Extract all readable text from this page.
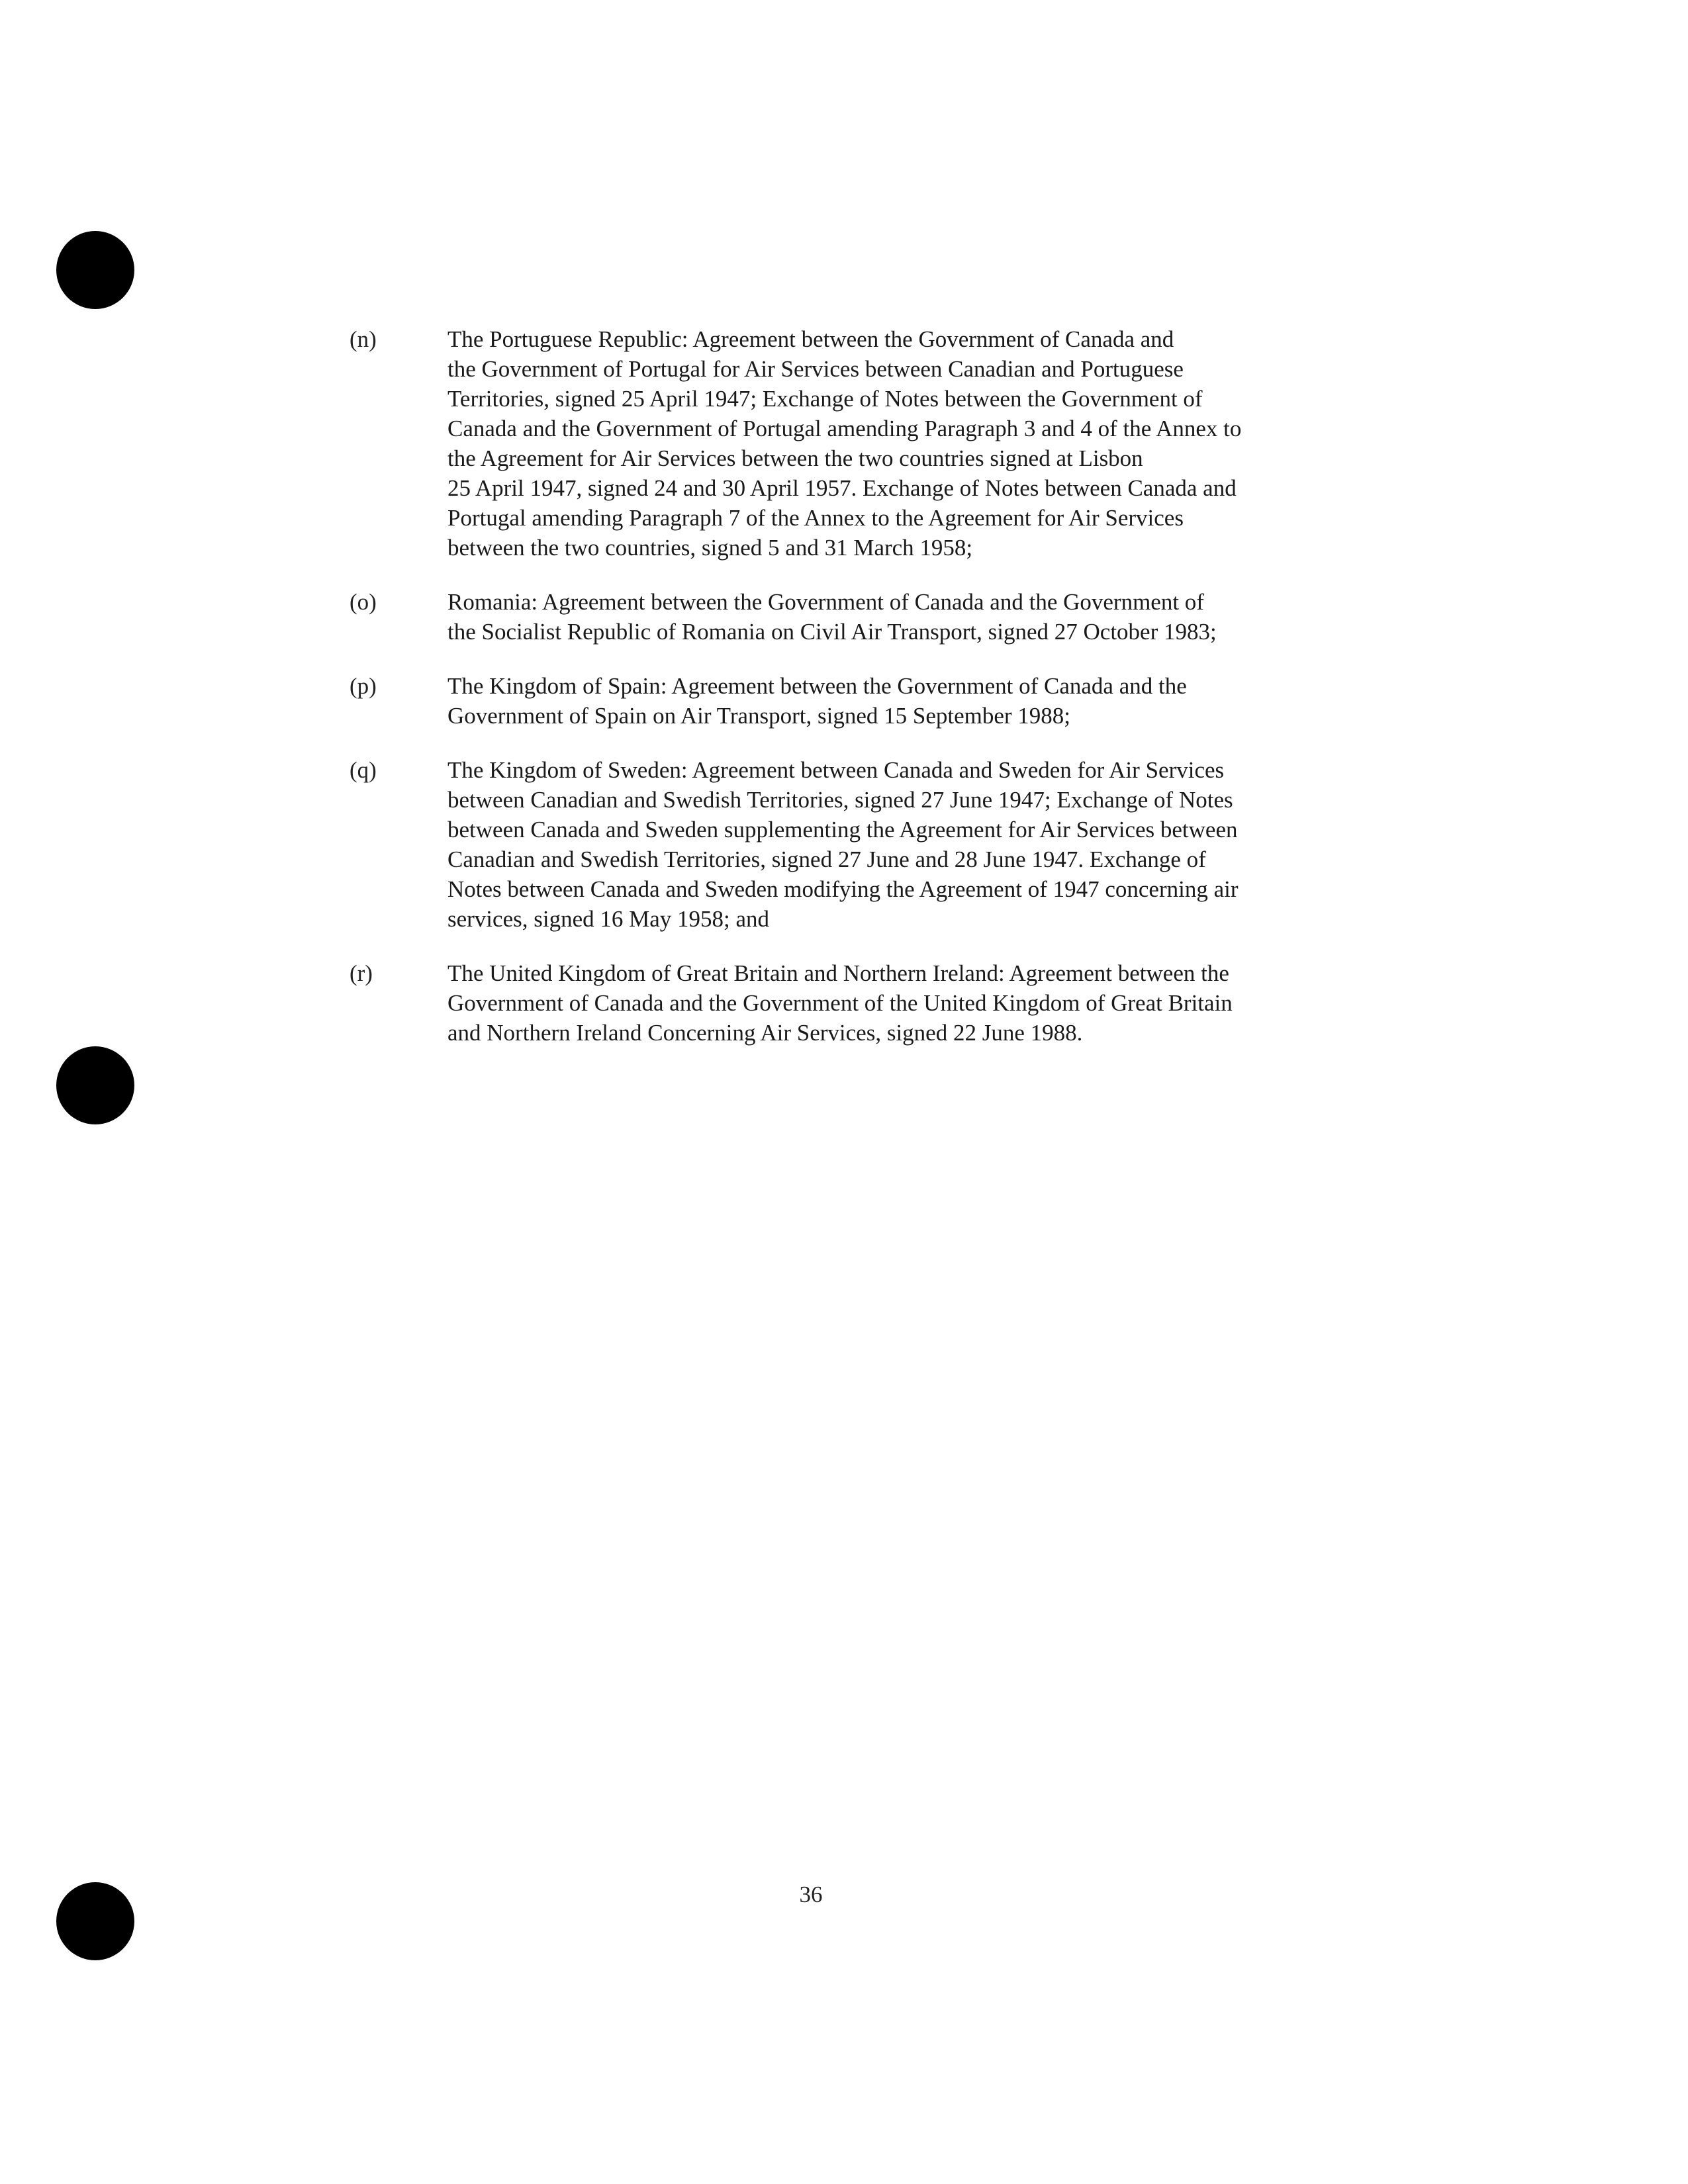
(n)	The Portuguese Republic: Agreement between the Government of Canada and
the Government of Portugal for Air Services between Canadian and Portuguese
Territories, signed 25 April 1947; Exchange of Notes between the Government of
Canada and the Government of Portugal amending Paragraph 3 and 4 of the Annex to
the Agreement for Air Services between the two countries signed at Lisbon
25 April 1947, signed 24 and 30 April 1957. Exchange of Notes between Canada and
Portugal amending Paragraph 7 of the Annex to the Agreement for Air Services
between the two countries, signed 5 and 31 March 1958;
(o)	Romania: Agreement between the Government of Canada and the Government of
the Socialist Republic of Romania on Civil Air Transport, signed 27 October 1983;
(p)	The Kingdom of Spain: Agreement between the Government of Canada and the
Government of Spain on Air Transport, signed 15 September 1988;
(q)	The Kingdom of Sweden: Agreement between Canada and Sweden for Air Services
between Canadian and Swedish Territories, signed 27 June 1947; Exchange of Notes
between Canada and Sweden supplementing the Agreement for Air Services between
Canadian and Swedish Territories, signed 27 June and 28 June 1947. Exchange of
Notes between Canada and Sweden modifying the Agreement of 1947 concerning air
services, signed 16 May 1958; and
(r)	The United Kingdom of Great Britain and Northern Ireland: Agreement between the
Government of Canada and the Government of the United Kingdom of Great Britain
and Northern Ireland Concerning Air Services, signed 22 June 1988.
36
